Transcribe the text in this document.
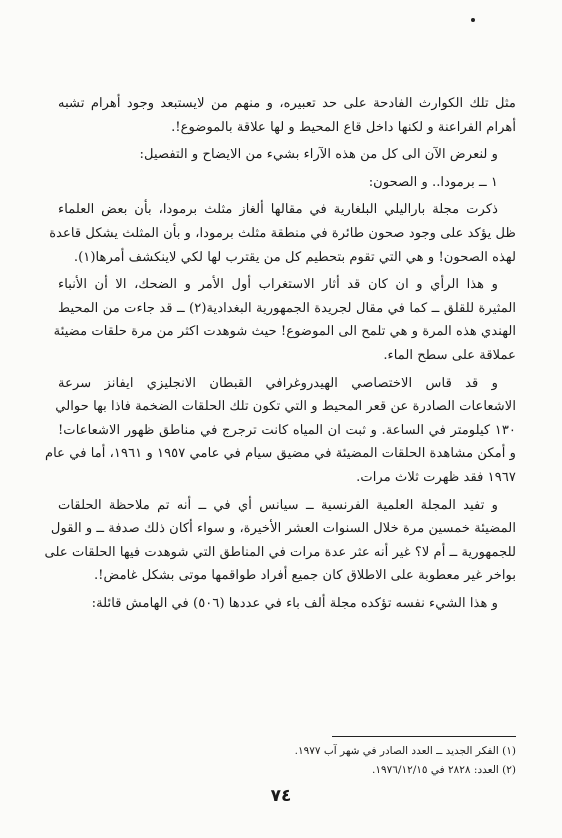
مثل تلك الكوارث الفادحة على حد تعبيره، و منهم من لايستبعد وجود أهرام تشبه
أهرام الفراعنة و لكنها داخل قاع المحيط و لها علاقة بالموضوع!.
و لنعرض الآن الى كل من هذه الآراء بشيء من الايضاح و التفصيل:
١ ــ برمودا.. و الصحون:
ذكرت مجلة باراليلي البلغارية في مقالها ألغاز مثلث برمودا، بأن بعض العلماء
ظل يؤكد على وجود صحون طائرة في منطقة مثلث برمودا، و بأن المثلث يشكل قاعدة
لهذه الصحون! و هي التي تقوم بتحطيم كل من يقترب لها لكي لاينكشف أمرها(١).
و هذا الرأي و ان كان قد أثار الاستغراب أول الأمر و الضحك، الا أن الأنباء
المثيرة للقلق ــ كما في مقال لجريدة الجمهورية البغدادية(٢) ــ قد جاءت من المحيط
الهندي هذه المرة و هي تلمح الى الموضوع! حيث شوهدت اكثر من مرة حلقات مضيئة
عملاقة على سطح الماء.
و قد قاس الاختصاصي الهيدروغرافي القبطان الانجليزي ايفانز سرعة
الاشعاعات الصادرة عن قعر المحيط و التي تكون تلك الحلقات الضخمة فاذا بها حوالي
١٣٠ كيلومتر في الساعة. و ثبت ان المياه كانت ترجرج في مناطق ظهور الاشعاعات!
و أمكن مشاهدة الحلقات المضيئة في مضيق سيام في عامي ١٩٥٧ و ١٩٦١، أما في عام
١٩٦٧ فقد ظهرت ثلاث مرات.
و تفيد المجلة العلمية الفرنسية ــ سيانس أي في ــ أنه تم ملاحظة الحلقات
المضيئة خمسين مرة خلال السنوات العشر الأخيرة، و سواء أكان ذلك صدفة ــ و القول
للجمهورية ــ أم لا؟ غير أنه عثر عدة مرات في المناطق التي شوهدت فيها الحلقات على
بواخر غير معطوبة على الاطلاق كان جميع أفراد طواقمها موتى بشكل غامض!.
و هذا الشيء نفسه تؤكده مجلة ألف باء في عددها (٥٠٦) في الهامش قائلة:
(١) الفكر الجديد ــ العدد الصادر في شهر آب ١٩٧٧.
(٢) العدد: ٢٨٢٨ في ١٩٧٦/١٢/١٥.
٧٤
